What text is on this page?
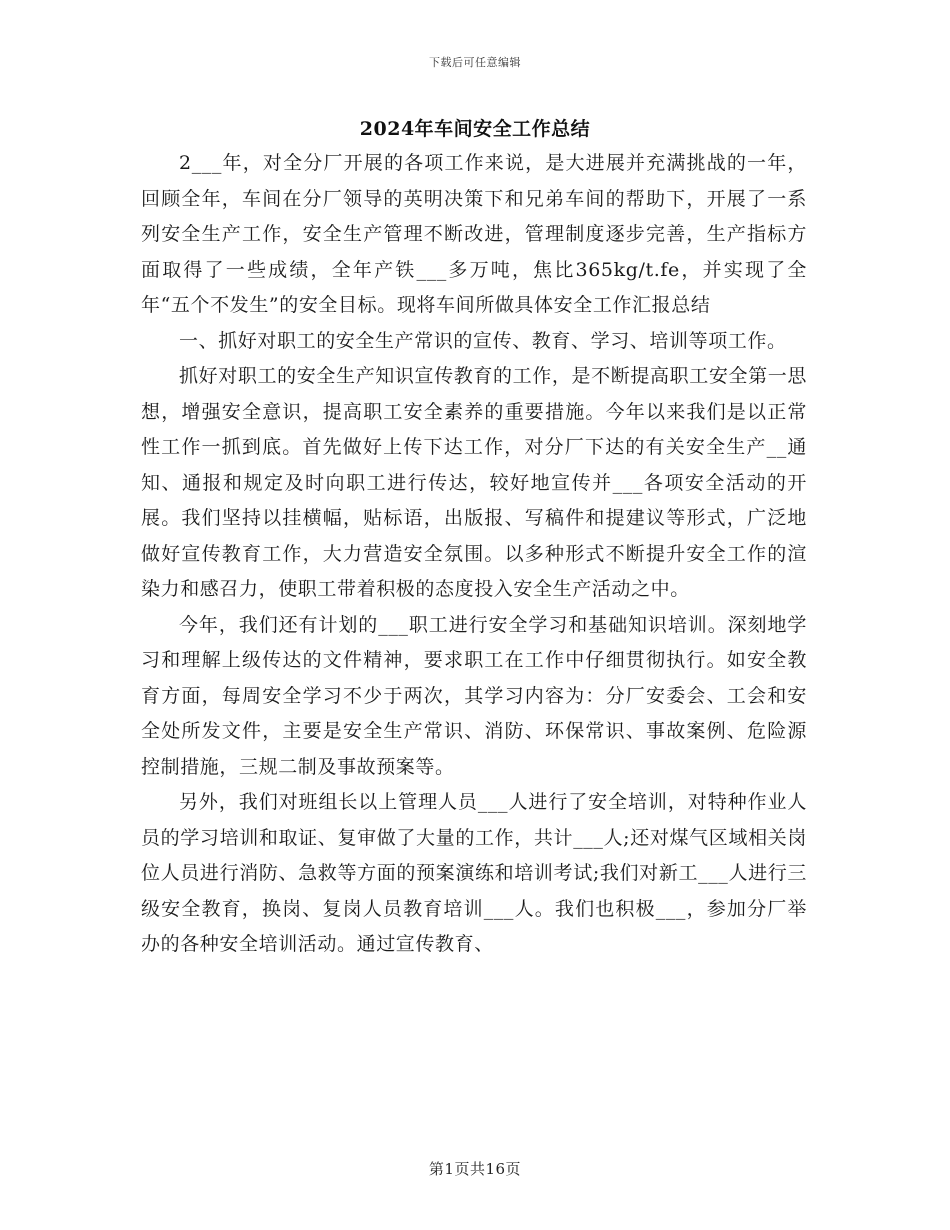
下载后可任意编辑
2024年车间安全工作总结

2___年，对全分厂开展的各项工作来说，是大进展并充满挑战的一年，回顾全年，车间在分厂领导的英明决策下和兄弟车间的帮助下，开展了一系列安全生产工作，安全生产管理不断改进，管理制度逐步完善，生产指标方面取得了一些成绩，全年产铁___多万吨，焦比365kg/t.fe，并实现了全年“五个不发生”的安全目标。现将车间所做具体安全工作汇报总结

一、抓好对职工的安全生产常识的宣传、教育、学习、培训等项工作。

抓好对职工的安全生产知识宣传教育的工作，是不断提高职工安全第一思想，增强安全意识，提高职工安全素养的重要措施。今年以来我们是以正常性工作一抓到底。首先做好上传下达工作，对分厂下达的有关安全生产__通知、通报和规定及时向职工进行传达，较好地宣传并___各项安全活动的开展。我们坚持以挂横幅，贴标语，出版报、写稿件和提建议等形式，广泛地做好宣传教育工作，大力营造安全氛围。以多种形式不断提升安全工作的渲染力和感召力，使职工带着积极的态度投入安全生产活动之中。

今年，我们还有计划的___职工进行安全学习和基础知识培训。深刻地学习和理解上级传达的文件精神，要求职工在工作中仔细贯彻执行。如安全教育方面，每周安全学习不少于两次，其学习内容为：分厂安委会、工会和安全处所发文件，主要是安全生产常识、消防、环保常识、事故案例、危险源控制措施，三规二制及事故预案等。

另外，我们对班组长以上管理人员___人进行了安全培训，对特种作业人员的学习培训和取证、复审做了大量的工作，共计___人;还对煤气区域相关岗位人员进行消防、急救等方面的预案演练和培训考试;我们对新工___人进行三级安全教育，换岗、复岗人员教育培训___人。我们也积极___，参加分厂举办的各种安全培训活动。通过宣传教育、

第1页共16页
